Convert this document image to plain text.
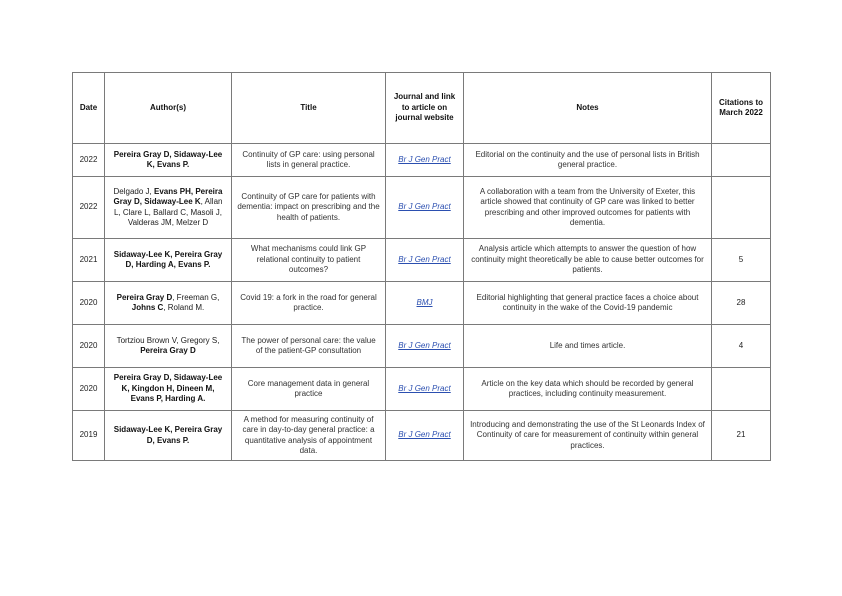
Date	Author(s)	Title	Journal and link to article on journal website	Notes	Citations to March 2022
2022	Pereira Gray D, Sidaway-Lee K, Evans P.	Continuity of GP care: using personal lists in general practice.	Br J Gen Pract	Editorial on the continuity and the use of personal lists in British general practice.	
2022	Delgado J, Evans PH, Pereira Gray D, Sidaway-Lee K, Allan L, Clare L, Ballard C, Masoli J, Valderas JM, Melzer D	Continuity of GP care for patients with dementia: impact on prescribing and the health of patients.	Br J Gen Pract	A collaboration with a team from the University of Exeter, this article showed that continuity of GP care was linked to better prescribing and other improved outcomes for patients with dementia.	
2021	Sidaway-Lee K, Pereira Gray D, Harding A, Evans P.	What mechanisms could link GP relational continuity to patient outcomes?	Br J Gen Pract	Analysis article which attempts to answer the question of how continuity might theoretically be able to cause better outcomes for patients.	5
2020	Pereira Gray D, Freeman G, Johns C, Roland M.	Covid 19: a fork in the road for general practice.	BMJ	Editorial highlighting that general practice faces a choice about continuity in the wake of the Covid-19 pandemic	28
2020	Tortziou Brown V, Gregory S, Pereira Gray D	The power of personal care: the value of the patient-GP consultation	Br J Gen Pract	Life and times article.	4
2020	Pereira Gray D, Sidaway-Lee K, Kingdon H, Dineen M, Evans P, Harding A.	Core management data in general practice	Br J Gen Pract	Article on the key data which should be recorded by general practices, including continuity measurement.	
2019	Sidaway-Lee K, Pereira Gray D, Evans P.	A method for measuring continuity of care in day-to-day general practice: a quantitative analysis of appointment data.	Br J Gen Pract	Introducing and demonstrating the use of the St Leonards Index of Continuity of care for measurement of continuity within general practices.	21
